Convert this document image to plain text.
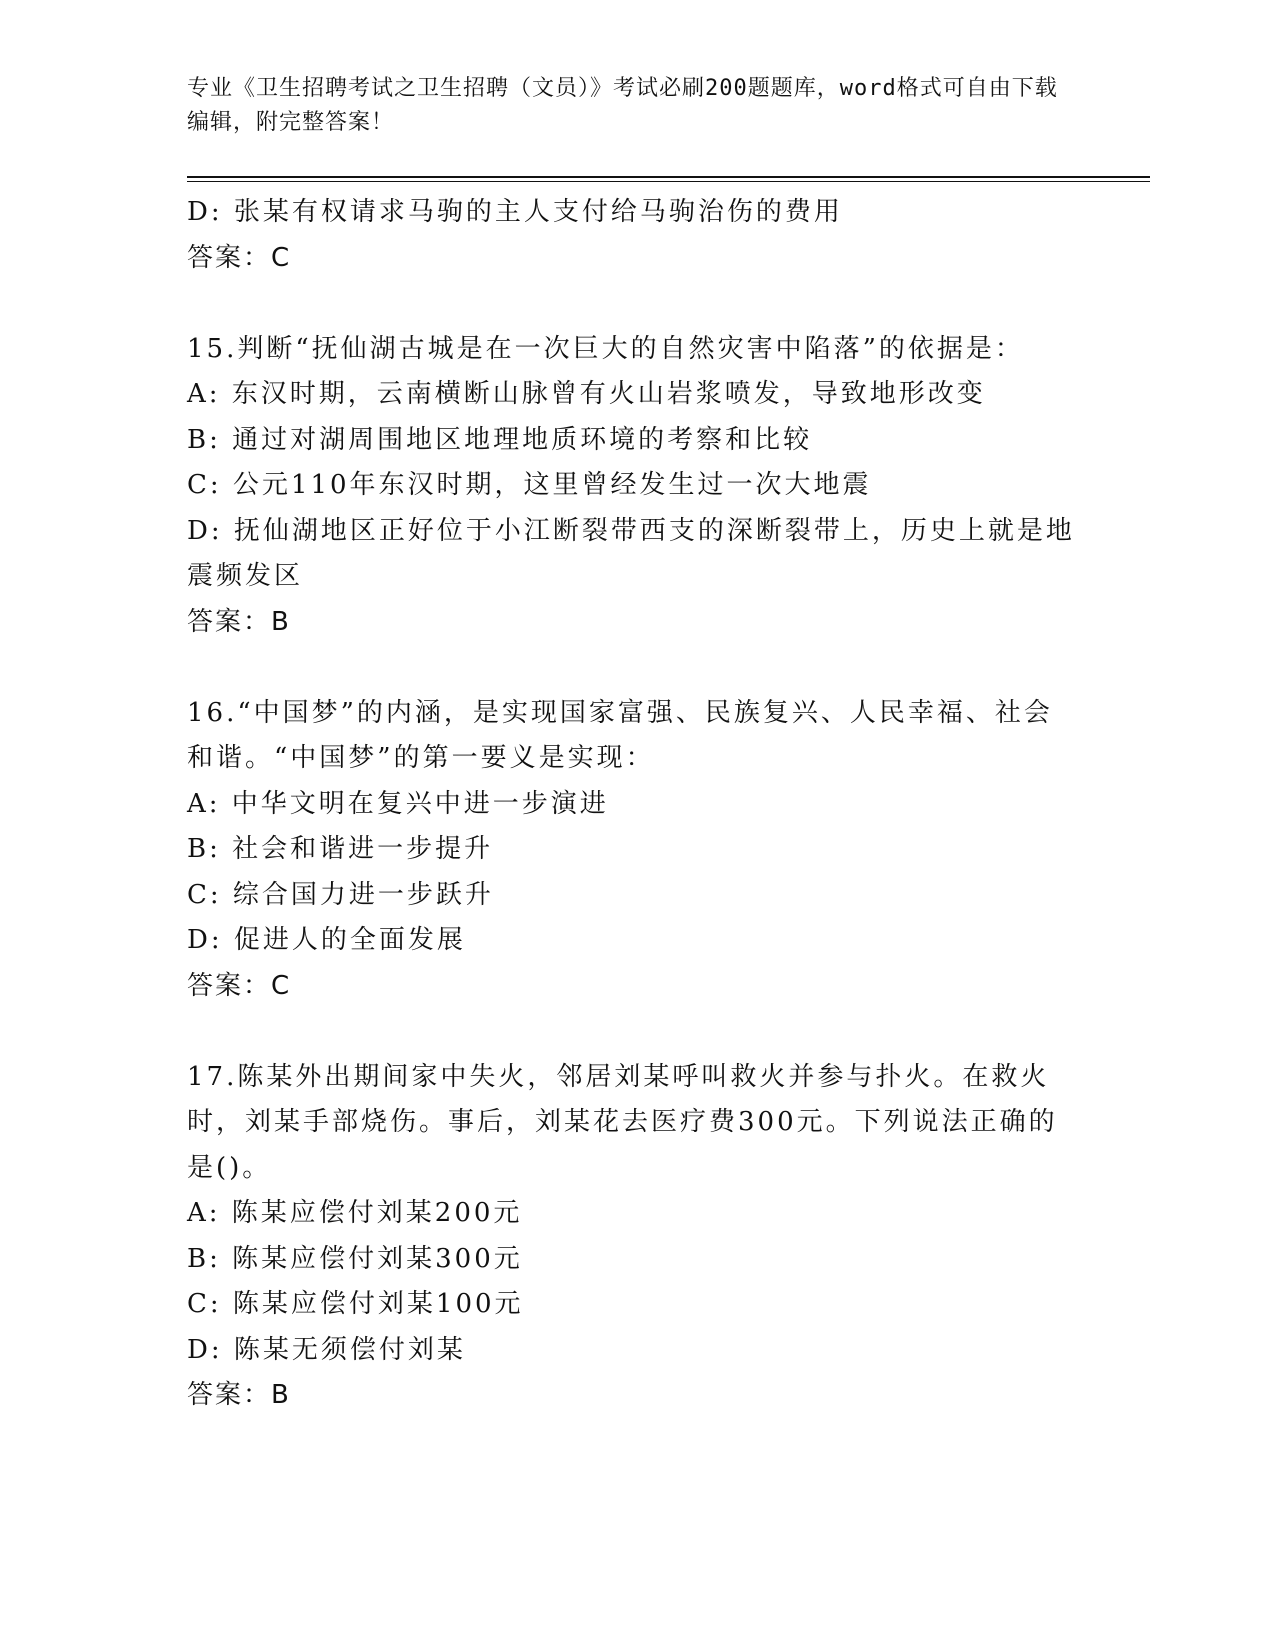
专业《卫生招聘考试之卫生招聘（文员）》考试必刷200题题库，word格式可自由下载编辑，附完整答案！
D: 张某有权请求马驹的主人支付给马驹治伤的费用
答案：C
15.判断“抚仙湖古城是在一次巨大的自然灾害中陷落”的依据是：
A: 东汉时期，云南横断山脉曾有火山岩浆喷发，导致地形改变
B: 通过对湖周围地区地理地质环境的考察和比较
C: 公元110年东汉时期，这里曾经发生过一次大地震
D: 抚仙湖地区正好位于小江断裂带西支的深断裂带上，历史上就是地震频发区
答案：B
16.“中国梦”的内涵，是实现国家富强、民族复兴、人民幸福、社会和谐。“中国梦”的第一要义是实现：
A: 中华文明在复兴中进一步演进
B: 社会和谐进一步提升
C: 综合国力进一步跃升
D: 促进人的全面发展
答案：C
17.陈某外出期间家中失火，邻居刘某呼叫救火并参与扑火。在救火时，刘某手部烧伤。事后，刘某花去医疗费300元。下列说法正确的是()。
A: 陈某应偿付刘某200元
B: 陈某应偿付刘某300元
C: 陈某应偿付刘某100元
D: 陈某无须偿付刘某
答案：B
